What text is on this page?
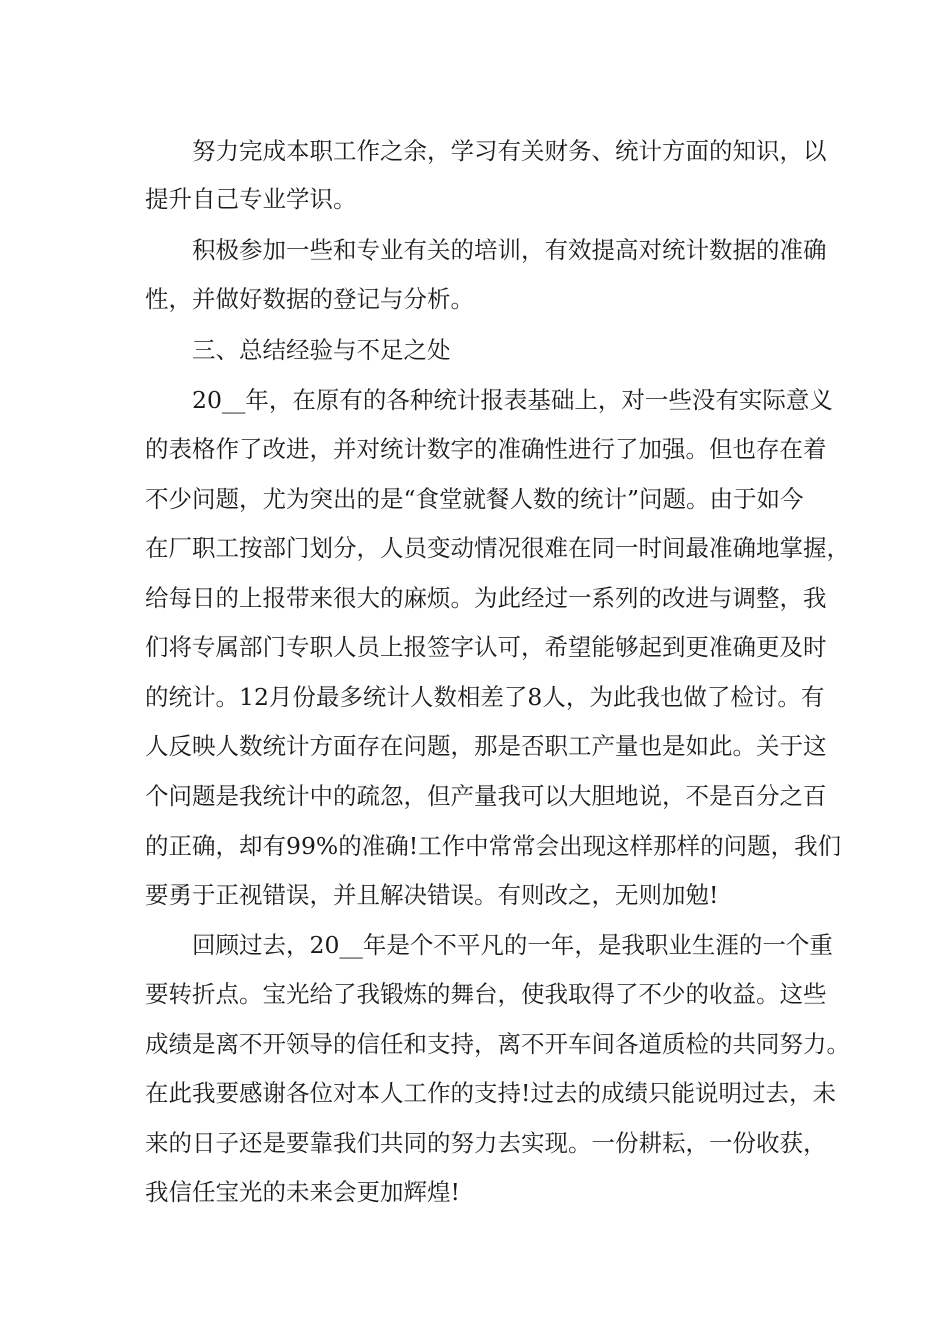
努力完成本职工作之余，学习有关财务、统计方面的知识，以
提升自己专业学识。
积极参加一些和专业有关的培训，有效提高对统计数据的准确
性，并做好数据的登记与分析。
三、总结经验与不足之处
20__年，在原有的各种统计报表基础上，对一些没有实际意义
的表格作了改进，并对统计数字的准确性进行了加强。但也存在着
不少问题，尤为突出的是“食堂就餐人数的统计”问题。由于如今
在厂职工按部门划分，人员变动情况很难在同一时间最准确地掌握，
给每日的上报带来很大的麻烦。为此经过一系列的改进与调整，我
们将专属部门专职人员上报签字认可，希望能够起到更准确更及时
的统计。12月份最多统计人数相差了8人，为此我也做了检讨。有
人反映人数统计方面存在问题，那是否职工产量也是如此。关于这
个问题是我统计中的疏忽，但产量我可以大胆地说，不是百分之百
的正确，却有99%的准确!工作中常常会出现这样那样的问题，我们
要勇于正视错误，并且解决错误。有则改之，无则加勉!
回顾过去，20__年是个不平凡的一年，是我职业生涯的一个重
要转折点。宝光给了我锻炼的舞台，使我取得了不少的收益。这些
成绩是离不开领导的信任和支持，离不开车间各道质检的共同努力。
在此我要感谢各位对本人工作的支持!过去的成绩只能说明过去，未
来的日子还是要靠我们共同的努力去实现。一份耕耘，一份收获，
我信任宝光的未来会更加辉煌!
